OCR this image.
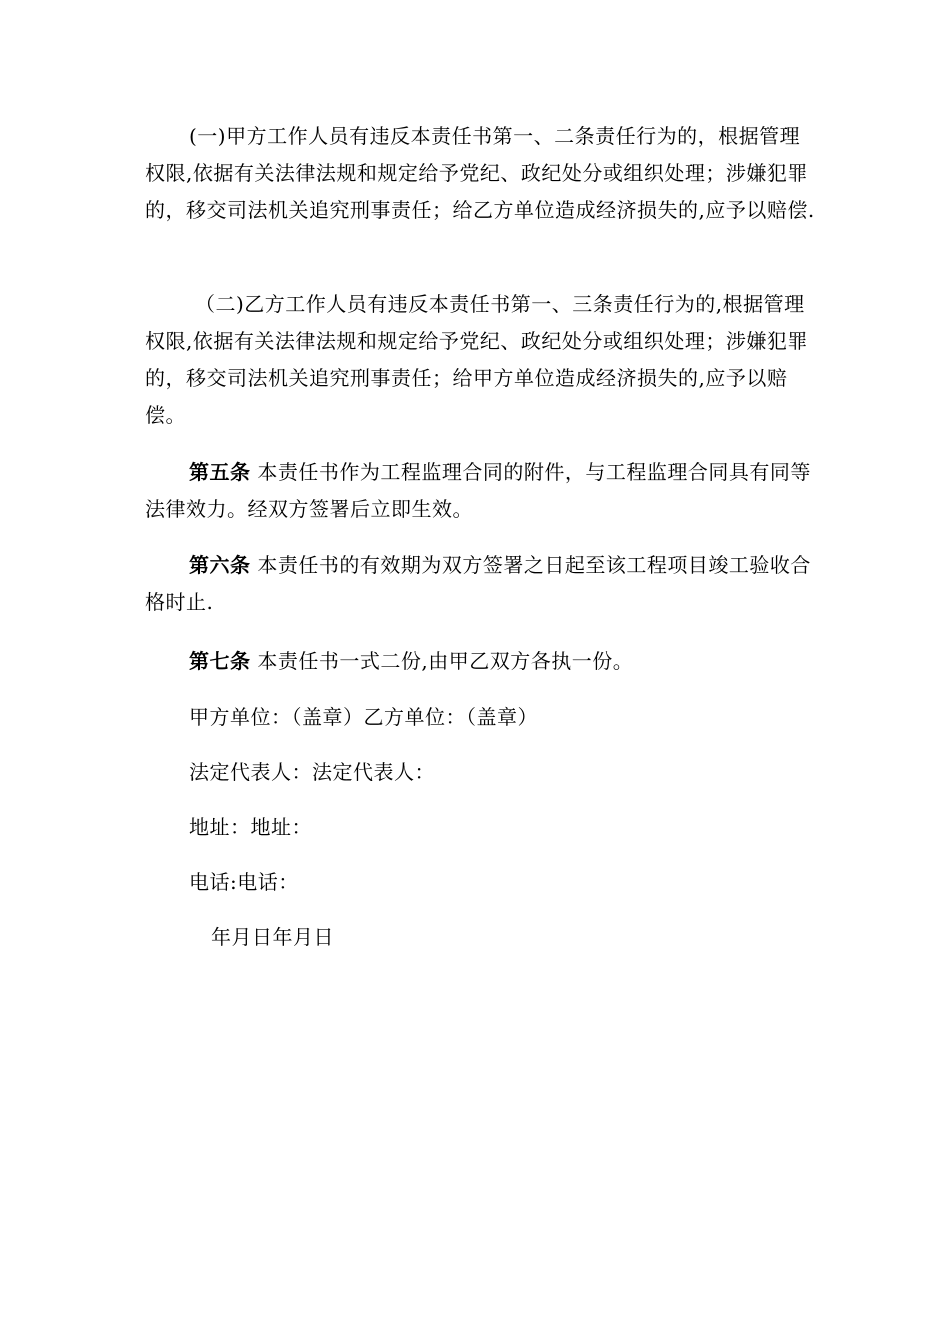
(一)甲方工作人员有违反本责任书第一、二条责任行为的，根据管理权限,依据有关法律法规和规定给予党纪、政纪处分或组织处理；涉嫌犯罪的，移交司法机关追究刑事责任；给乙方单位造成经济损失的,应予以赔偿.

（二)乙方工作人员有违反本责任书第一、三条责任行为的,根据管理权限,依据有关法律法规和规定给予党纪、政纪处分或组织处理；涉嫌犯罪的，移交司法机关追究刑事责任；给甲方单位造成经济损失的,应予以赔偿。

第五条 本责任书作为工程监理合同的附件，与工程监理合同具有同等法律效力。经双方签署后立即生效。

第六条 本责任书的有效期为双方签署之日起至该工程项目竣工验收合格时止.

第七条 本责任书一式二份,由甲乙双方各执一份。

甲方单位：（盖章）乙方单位：（盖章）
法定代表人：法定代表人：
地址：地址：
电话:电话：
年月日年月日
